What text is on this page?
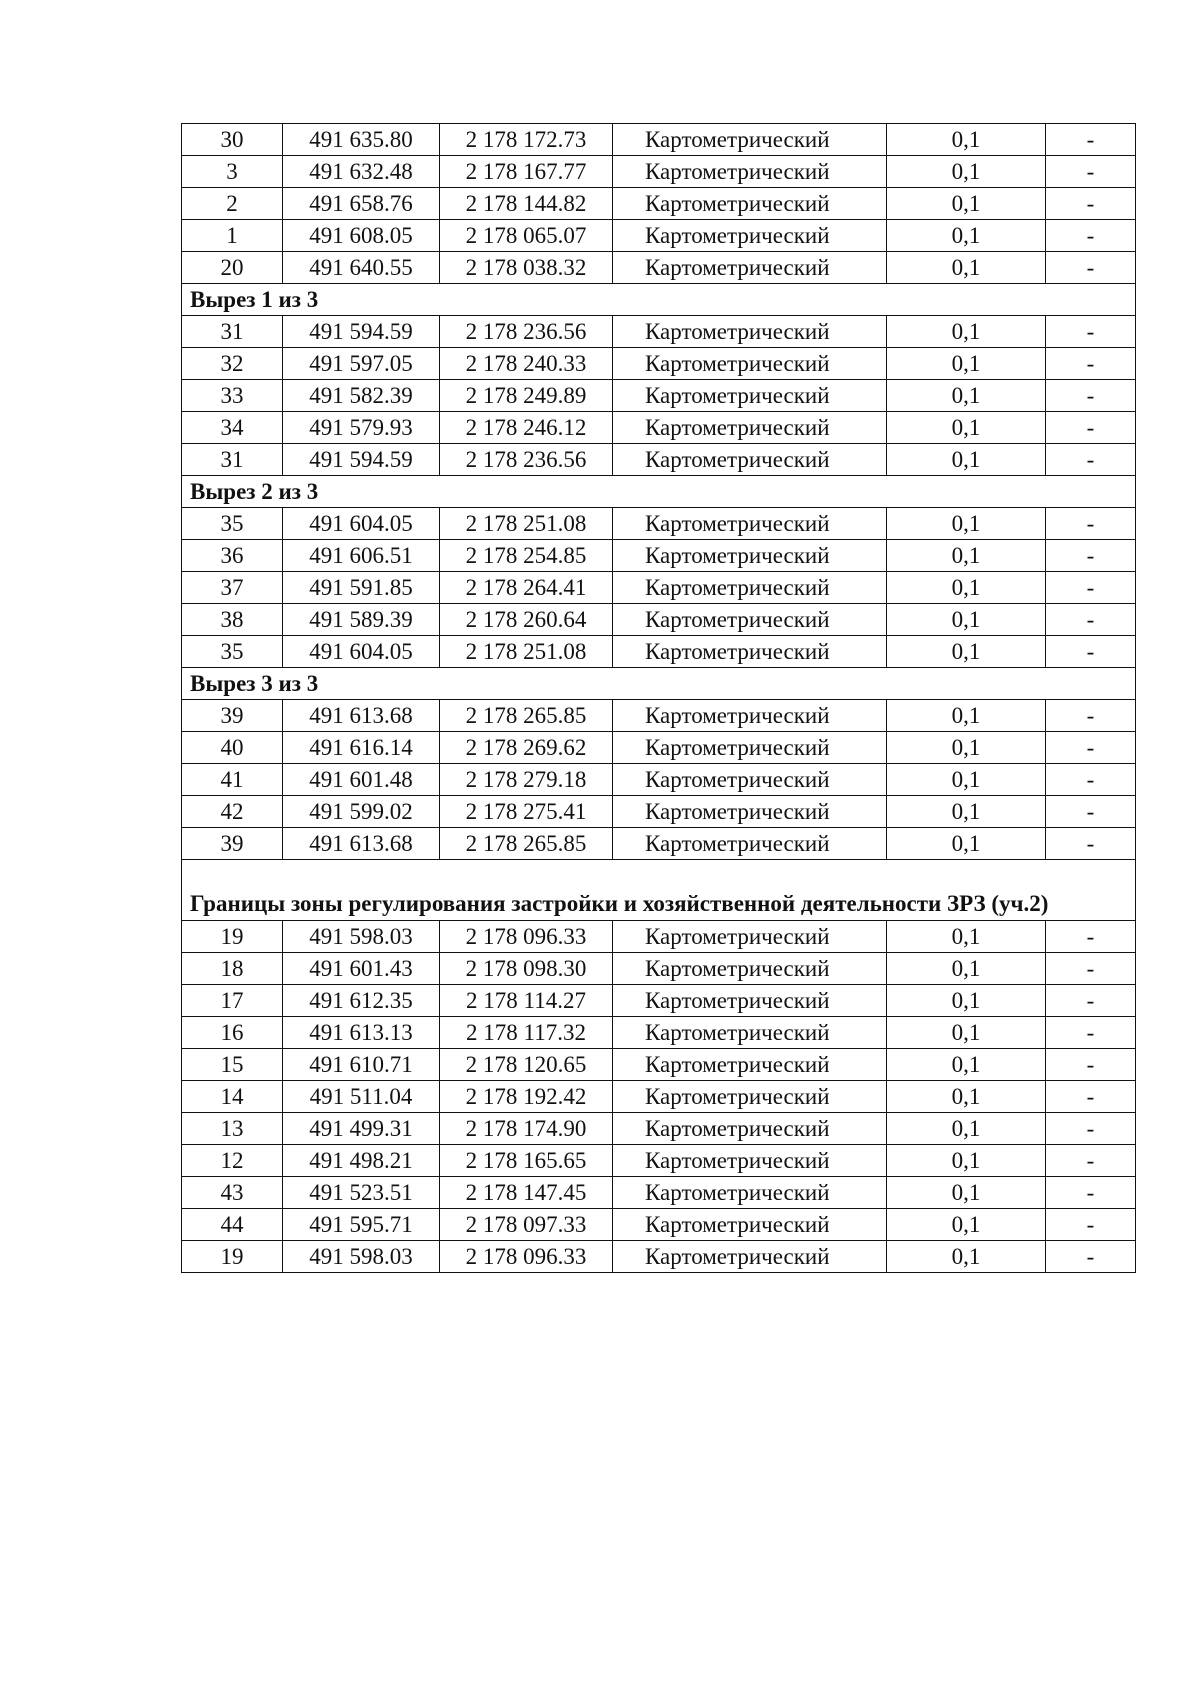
30	491 635.80	2 178 172.73	Картометрический	0,1	-
3	491 632.48	2 178 167.77	Картометрический	0,1	-
2	491 658.76	2 178 144.82	Картометрический	0,1	-
1	491 608.05	2 178 065.07	Картометрический	0,1	-
20	491 640.55	2 178 038.32	Картометрический	0,1	-
Вырез 1 из 3					
31	491 594.59	2 178 236.56	Картометрический	0,1	-
32	491 597.05	2 178 240.33	Картометрический	0,1	-
33	491 582.39	2 178 249.89	Картометрический	0,1	-
34	491 579.93	2 178 246.12	Картометрический	0,1	-
31	491 594.59	2 178 236.56	Картометрический	0,1	-
Вырез 2 из 3					
35	491 604.05	2 178 251.08	Картометрический	0,1	-
36	491 606.51	2 178 254.85	Картометрический	0,1	-
37	491 591.85	2 178 264.41	Картометрический	0,1	-
38	491 589.39	2 178 260.64	Картометрический	0,1	-
35	491 604.05	2 178 251.08	Картометрический	0,1	-
Вырез 3 из 3					
39	491 613.68	2 178 265.85	Картометрический	0,1	-
40	491 616.14	2 178 269.62	Картометрический	0,1	-
41	491 601.48	2 178 279.18	Картометрический	0,1	-
42	491 599.02	2 178 275.41	Картометрический	0,1	-
39	491 613.68	2 178 265.85	Картометрический	0,1	-
Границы зоны регулирования застройки и хозяйственной деятельности ЗРЗ (уч.2)					
19	491 598.03	2 178 096.33	Картометрический	0,1	-
18	491 601.43	2 178 098.30	Картометрический	0,1	-
17	491 612.35	2 178 114.27	Картометрический	0,1	-
16	491 613.13	2 178 117.32	Картометрический	0,1	-
15	491 610.71	2 178 120.65	Картометрический	0,1	-
14	491 511.04	2 178 192.42	Картометрический	0,1	-
13	491 499.31	2 178 174.90	Картометрический	0,1	-
12	491 498.21	2 178 165.65	Картометрический	0,1	-
43	491 523.51	2 178 147.45	Картометрический	0,1	-
44	491 595.71	2 178 097.33	Картометрический	0,1	-
19	491 598.03	2 178 096.33	Картометрический	0,1	-
